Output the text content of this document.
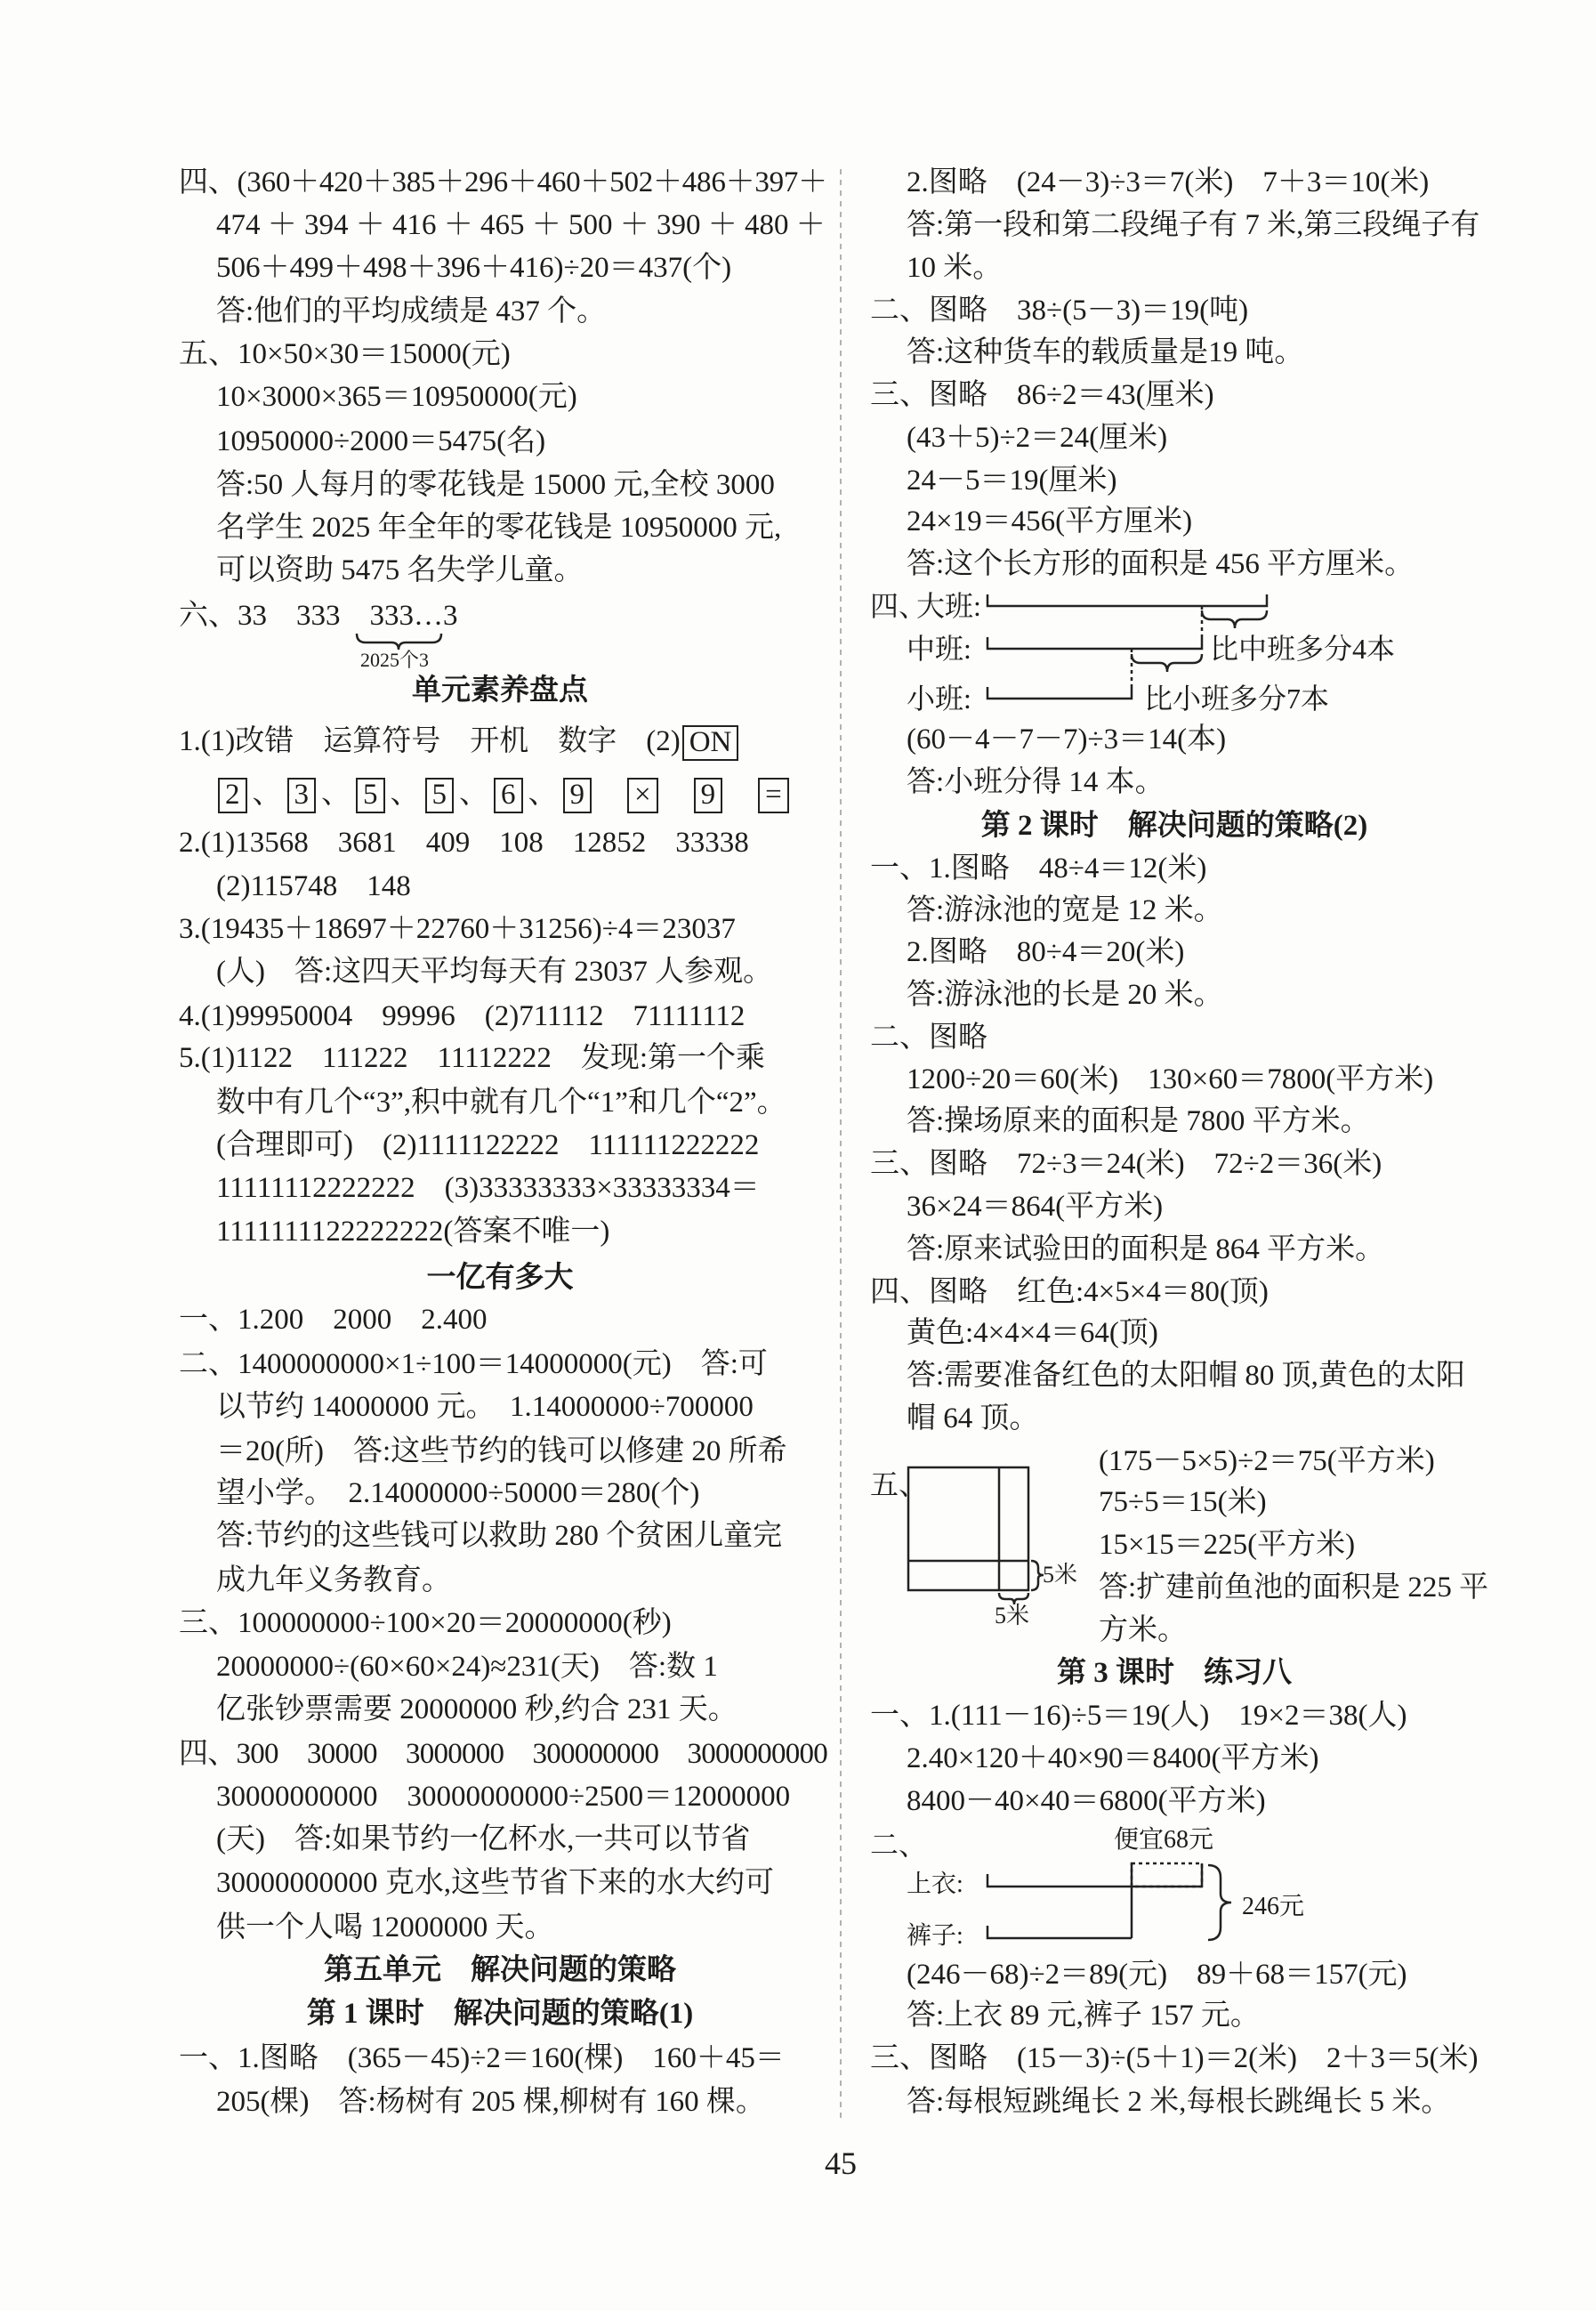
1.(1)改错　运算符号　开机　数字　(2) ON
2 、 3 、 5 、 5 、 6 、 9 × 9 =
2025个3
四、
大班:
中班:
小班:
比中班多分4本
比小班多分7本
五、
5米
5米
二、	便宜68元
上衣:
裤子:
246元
45
四、(360＋420＋385＋296＋460＋502＋486＋397＋
474 ＋ 394 ＋ 416 ＋ 465 ＋ 500 ＋ 390 ＋ 480 ＋
506＋499＋498＋396＋416)÷20＝437(个)
答:他们的平均成绩是 437 个。
五、10×50×30＝15000(元)
10×3000×365＝10950000(元)
10950000÷2000＝5475(名)
答:50 人每月的零花钱是 15000 元,全校 3000
名学生 2025 年全年的零花钱是 10950000 元,
可以资助 5475 名失学儿童。
六、33　333　333…3
单元素养盘点
2.(1)13568　3681　409　108　12852　33338
(2)115748　148
3.(19435＋18697＋22760＋31256)÷4＝23037
(人)　答:这四天平均每天有 23037 人参观。
4.(1)99950004　99996　(2)711112　71111112
5.(1)1122　111222　11112222　发现:第一个乘
数中有几个“3”,积中就有几个“1”和几个“2”。
(合理即可)　(2)1111122222　111111222222
11111112222222　(3)33333333×33333334＝
1111111122222222(答案不唯一)
一亿有多大
一、1.200　2000　2.400
二、1400000000×1÷100＝14000000(元)　答:可
以节约 14000000 元。　1.14000000÷700000
＝20(所)　答:这些节约的钱可以修建 20 所希
望小学。　2.14000000÷50000＝280(个)
答:节约的这些钱可以救助 280 个贫困儿童完
成九年义务教育。
三、100000000÷100×20＝20000000(秒)
20000000÷(60×60×24)≈231(天)　答:数 1
亿张钞票需要 20000000 秒,约合 231 天。
四、300　30000　3000000　300000000　3000000000
30000000000　30000000000÷2500＝12000000
(天)　答:如果节约一亿杯水,一共可以节省
30000000000 克水,这些节省下来的水大约可
供一个人喝 12000000 天。
第五单元　解决问题的策略
第 1 课时　解决问题的策略(1)
一、1.图略　(365－45)÷2＝160(棵)　160＋45＝
205(棵)　答:杨树有 205 棵,柳树有 160 棵。
2.图略　(24－3)÷3＝7(米)　7＋3＝10(米)
答:第一段和第二段绳子有 7 米,第三段绳子有
10 米。
二、图略　38÷(5－3)＝19(吨)
答:这种货车的载质量是19 吨。
三、图略　86÷2＝43(厘米)
(43＋5)÷2＝24(厘米)
24－5＝19(厘米)
24×19＝456(平方厘米)
答:这个长方形的面积是 456 平方厘米。
(60－4－7－7)÷3＝14(本)
答:小班分得 14 本。
第 2 课时　解决问题的策略(2)
一、1.图略　48÷4＝12(米)
答:游泳池的宽是 12 米。
2.图略　80÷4＝20(米)
答:游泳池的长是 20 米。
二、图略
1200÷20＝60(米)　130×60＝7800(平方米)
答:操场原来的面积是 7800 平方米。
三、图略　72÷3＝24(米)　72÷2＝36(米)
36×24＝864(平方米)
答:原来试验田的面积是 864 平方米。
四、图略　红色:4×5×4＝80(顶)
黄色:4×4×4＝64(顶)
答:需要准备红色的太阳帽 80 顶,黄色的太阳
帽 64 顶。
(175－5×5)÷2＝75(平方米)
75÷5＝15(米)
15×15＝225(平方米)
答:扩建前鱼池的面积是 225 平
方米。
第 3 课时　练习八
一、1.(111－16)÷5＝19(人)　19×2＝38(人)
2.40×120＋40×90＝8400(平方米)
8400－40×40＝6800(平方米)
(246－68)÷2＝89(元)　89＋68＝157(元)
答:上衣 89 元,裤子 157 元。
三、图略　(15－3)÷(5＋1)＝2(米)　2＋3＝5(米)
答:每根短跳绳长 2 米,每根长跳绳长 5 米。
